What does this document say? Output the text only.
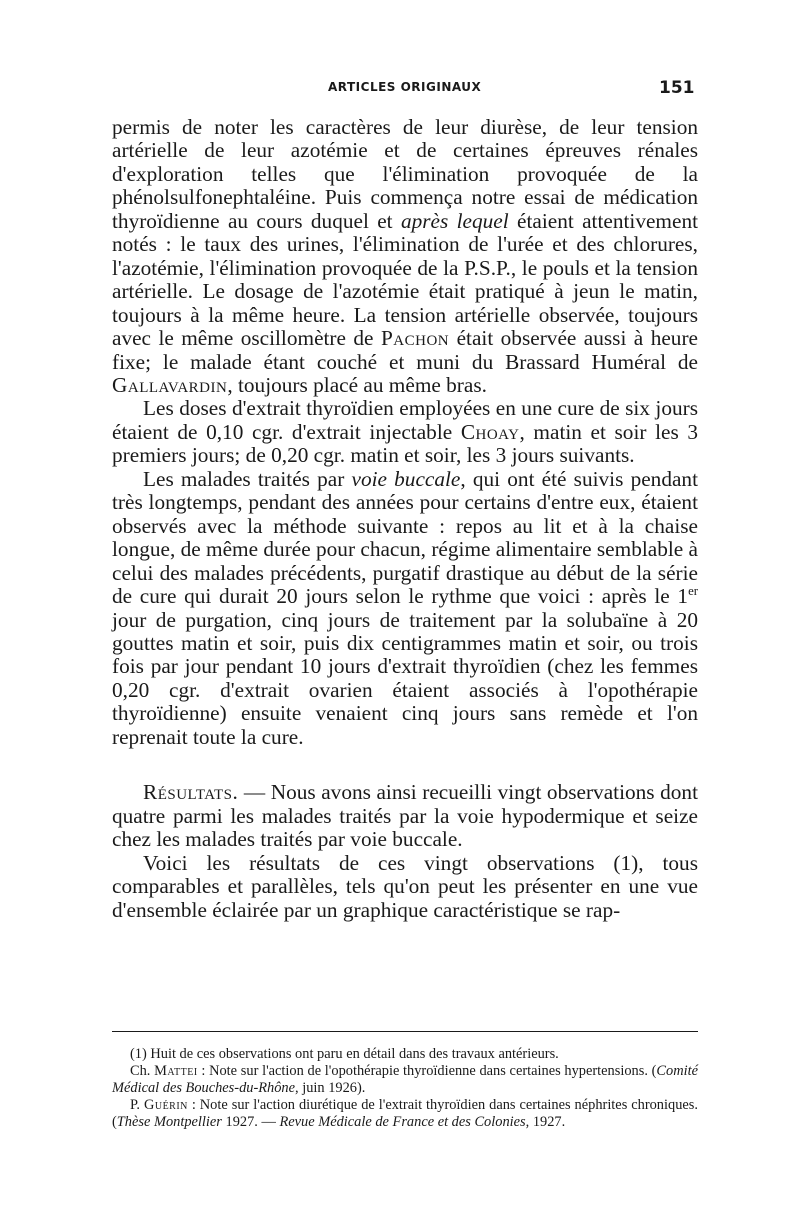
ARTICLES ORIGINAUX	151

permis de noter les caractères de leur diurèse, de leur tension artérielle de leur azotémie et de certaines épreuves rénales d'exploration telles que l'élimination provoquée de la phénolsulfonephtaléine. Puis commença notre essai de médication thyroïdienne au cours duquel et après lequel étaient attentivement notés : le taux des urines, l'élimination de l'urée et des chlorures, l'azotémie, l'élimination provoquée de la P.S.P., le pouls et la tension artérielle. Le dosage de l'azotémie était pratiqué à jeun le matin, toujours à la même heure. La tension artérielle observée, toujours avec le même oscillomètre de Pachon était observée aussi à heure fixe; le malade étant couché et muni du Brassard Huméral de Gallavardin, toujours placé au même bras.

Les doses d'extrait thyroïdien employées en une cure de six jours étaient de 0,10 cgr. d'extrait injectable Choay, matin et soir les 3 premiers jours; de 0,20 cgr. matin et soir, les 3 jours suivants.

Les malades traités par voie buccale, qui ont été suivis pendant très longtemps, pendant des années pour certains d'entre eux, étaient observés avec la méthode suivante : repos au lit et à la chaise longue, de même durée pour chacun, régime alimentaire semblable à celui des malades précédents, purgatif drastique au début de la série de cure qui durait 20 jours selon le rythme que voici : après le 1er jour de purgation, cinq jours de traitement par la solubaïne à 20 gouttes matin et soir, puis dix centigrammes matin et soir, ou trois fois par jour pendant 10 jours d'extrait thyroïdien (chez les femmes 0,20 cgr. d'extrait ovarien étaient associés à l'opothérapie thyroïdienne) ensuite venaient cinq jours sans remède et l'on reprenait toute la cure.

Résultats. — Nous avons ainsi recueilli vingt observations dont quatre parmi les malades traités par la voie hypodermique et seize chez les malades traités par voie buccale.

Voici les résultats de ces vingt observations (1), tous comparables et parallèles, tels qu'on peut les présenter en une vue d'ensemble éclairée par un graphique caractéristique se rap-

(1) Huit de ces observations ont paru en détail dans des travaux antérieurs.

Ch. Mattei : Note sur l'action de l'opothérapie thyroïdienne dans certaines hypertensions. (Comité Médical des Bouches-du-Rhône, juin 1926).

P. Guérin : Note sur l'action diurétique de l'extrait thyroïdien dans certaines néphrites chroniques. (Thèse Montpellier 1927. — Revue Médicale de France et des Colonies, 1927.
